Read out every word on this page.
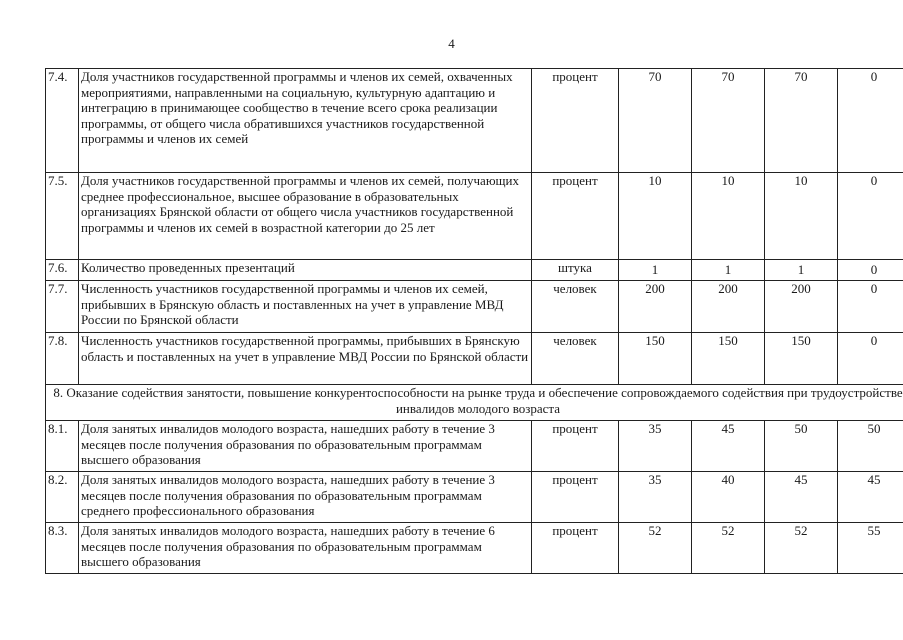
4
7.4.	Доля участников государственной программы и членов их семей, охваченных мероприятиями, направленными на социальную, культурную адаптацию и интеграцию в принимающее сообщество в течение всего срока реализации программы, от общего числа обратившихся участников государственной программы и членов их семей	процент	70	70	70	0
7.5.	Доля участников государственной программы и членов их семей, получающих среднее профессиональное, высшее образование в образовательных организациях Брянской области от общего числа участников государственной программы и членов их семей в возрастной категории до 25 лет	процент	10	10	10	0
7.6.	Количество проведенных презентаций	штука	1	1	1	0
7.7.	Численность участников государственной программы и членов их семей, прибывших в Брянскую область и поставленных на учет в управление МВД России по Брянской области	человек	200	200	200	0
7.8.	Численность участников государственной программы, прибывших в Брянскую область и поставленных на учет в управление МВД России по Брянской области	человек	150	150	150	0
8. Оказание содействия занятости, повышение конкурентоспособности на рынке труда и обеспечение сопровождаемого содействия при трудоустройстве инвалидов молодого возраста						
8.1.	Доля занятых инвалидов молодого возраста, нашедших работу в течение 3 месяцев после получения образования по образовательным программам высшего образования	процент	35	45	50	50
8.2.	Доля занятых инвалидов молодого возраста, нашедших работу в течение 3 месяцев после получения образования по образовательным программам среднего профессионального образования	процент	35	40	45	45
8.3.	Доля занятых инвалидов молодого возраста, нашедших работу в течение 6 месяцев после получения образования по образовательным программам высшего образования	процент	52	52	52	55
